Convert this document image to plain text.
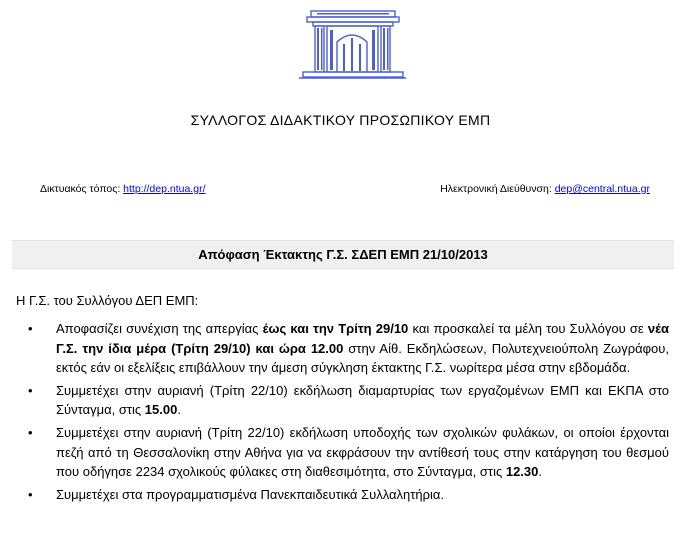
ΣΥΛΛΟΓΟΣ ΔΙΔΑΚΤΙΚΟΥ ΠΡΟΣΩΠΙΚΟΥ ΕΜΠ
Δικτυακός τόπος: http://dep.ntua.gr/	Ηλεκτρονική Διεύθυνση: dep@central.ntua.gr
Απόφαση Έκτακτης Γ.Σ. ΣΔΕΠ ΕΜΠ 21/10/2013
Η Γ.Σ. του Συλλόγου ΔΕΠ ΕΜΠ:
• Αποφασίζει συνέχιση της απεργίας έως και την Τρίτη 29/10 και προσκαλεί τα μέλη του Συλλόγου σε νέα Γ.Σ. την ίδια μέρα (Τρίτη 29/10) και ώρα 12.00 στην Αίθ. Εκδηλώσεων, Πολυτεχνειούπολη Ζωγράφου, εκτός εάν οι εξελίξεις επιβάλλουν την άμεση σύγκληση έκτακτης Γ.Σ. νωρίτερα μέσα στην εβδομάδα.
• Συμμετέχει στην αυριανή (Τρίτη 22/10) εκδήλωση διαμαρτυρίας των εργαζομένων ΕΜΠ και ΕΚΠΑ στο Σύνταγμα, στις 15.00.
• Συμμετέχει στην αυριανή (Τρίτη 22/10) εκδήλωση υποδοχής των σχολικών φυλάκων, οι οποίοι έρχονται πεζή από τη Θεσσαλονίκη στην Αθήνα για να εκφράσουν την αντίθεσή τους στην κατάργηση του θεσμού που οδήγησε 2234 σχολικούς φύλακες στη διαθεσιμότητα, στο Σύνταγμα, στις 12.30.
• Συμμετέχει στα προγραμματισμένα Πανεκπαιδευτικά Συλλαλητήρια.
